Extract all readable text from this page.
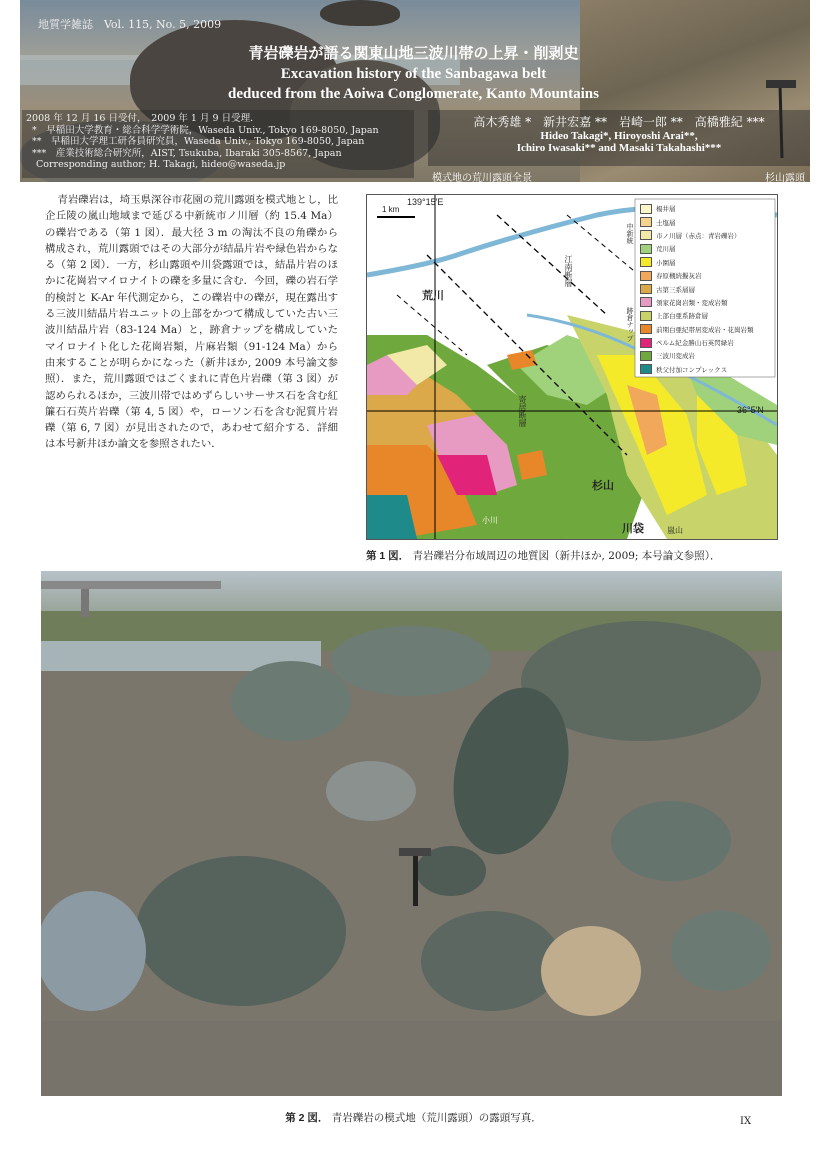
地質学雑誌　Vol. 115, No. 5, 2009
青岩礫岩が語る関東山地三波川帯の上昇・削剥史
Excavation history of the Sanbagawa belt
deduced from the Aoiwa Conglomerate, Kanto Mountains
2008 年 12 月 16 日受付，　2009 年 1 月 9 日受理．
*　早稲田大学教育・総合科学学術院，Waseda Univ., Tokyo 169-8050, Japan
**　早稲田大学理工研各員研究員，Waseda Univ., Tokyo 169-8050, Japan
***　産業技術総合研究所，AIST, Tsukuba, Ibaraki 305-8567, Japan
Corresponding author; H. Takagi, hideo@waseda.jp
高木秀雄 *　新井宏嘉 **　岩崎一郎 **　高橋雅紀 ***
Hideo Takagi*, Hiroyoshi Arai**,
Ichiro Iwasaki** and Masaki Takahashi***
模式地の荒川露頭全景	杉山露頭
青岩礫岩は，埼玉県深谷市花園の荒川露頭を模式地とし，比企丘陵の嵐山地域まで延びる中新統市ノ川層（約 15.4 Ma）の礫岩である（第 1 図）．最大径 3 m の淘汰不良の角礫から構成され，荒川露頭ではその大部分が結晶片岩や緑色岩からなる（第 2 図）．一方，杉山露頭や川袋露頭では，結晶片岩のほかに花崗岩マイロナイトの礫を多量に含む．今回，礫の岩石学的検討と K-Ar 年代測定から，この礫岩中の礫が，現在露出する三波川結晶片岩ユニットの上部をかつて構成していた古い三波川結晶片岩（83-124 Ma）と，跡倉ナップを構成していたマイロナイト化した花崗岩類，片麻岩類（91-124 Ma）から由来することが明らかになった（新井ほか, 2009 本号論文参照）．また，荒川露頭ではごくまれに青色片岩礫（第 3 図）が認められるほか，三波川帯ではめずらしいサーサス石を含む紅簾石石英片岩礫（第 4, 5 図）や，ローソン石を含む泥質片岩礫（第 6, 7 図）が見出されたので，あわせて紹介する．詳細は本号新井ほか論文を参照されたい．
139°15′E
36°5′N
1 km
荒川
杉山
川袋
小川
嵐山
江南断層
寄居断層
中新統
跡倉ナップ
楊井層
土塩層
市ノ川層（赤点：青岩礫岩）
荒川層
小園層
春原槻続擬灰岩
古第三系層層
領家花崗岩類・変成岩類
上部白亜系跡倉層
前期白亜紀帯居変成岩・花崗岩類
ペルム紀金勝山石英閃緑岩
三波川変成岩
秩父付加コンプレックス
第 1 図． 青岩礫岩分布域周辺の地質図（新井ほか, 2009; 本号論文参照）．
第 2 図． 青岩礫岩の模式地（荒川露頭）の露頭写真．	IX
